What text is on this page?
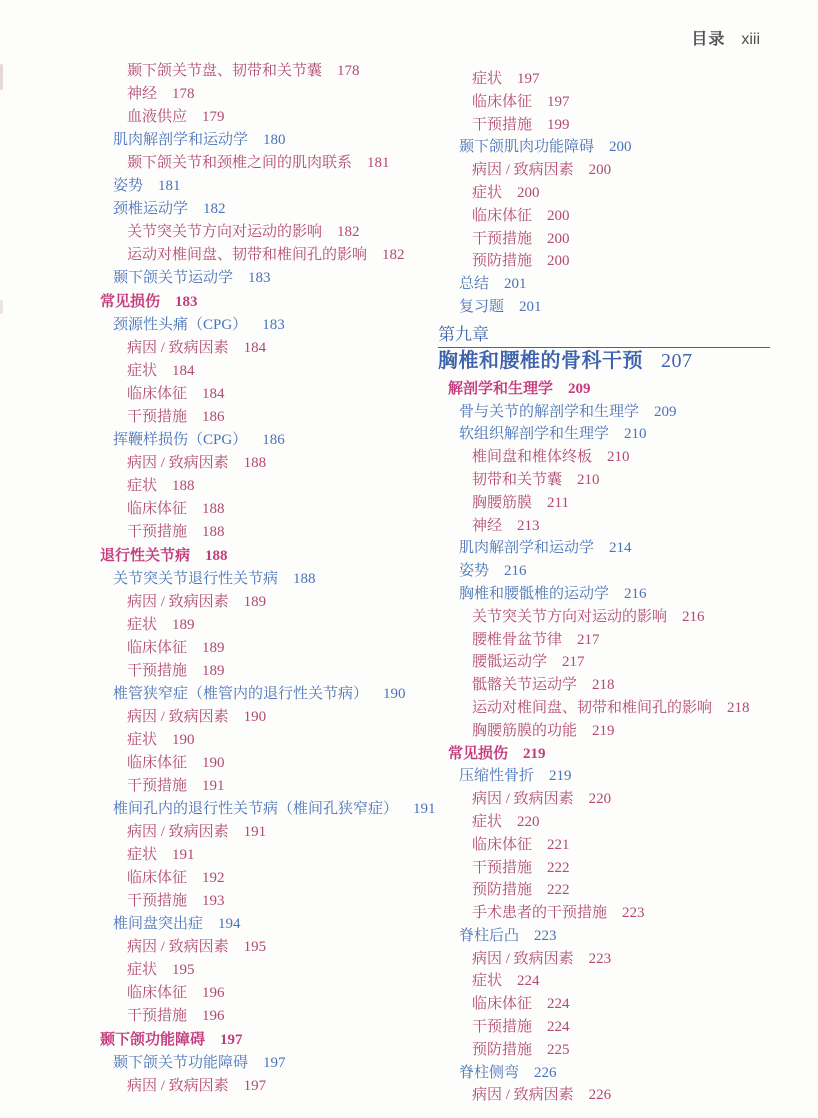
目录 xiii
颞下颌关节盘、韧带和关节囊 178
神经 178
血液供应 179
肌肉解剖学和运动学 180
颞下颌关节和颈椎之间的肌肉联系 181
姿势 181
颈椎运动学 182
关节突关节方向对运动的影响 182
运动对椎间盘、韧带和椎间孔的影响 182
颞下颌关节运动学 183
常见损伤 183
颈源性头痛（CPG） 183
病因 / 致病因素 184
症状 184
临床体征 184
干预措施 186
挥鞭样损伤（CPG） 186
病因 / 致病因素 188
症状 188
临床体征 188
干预措施 188
退行性关节病 188
关节突关节退行性关节病 188
病因 / 致病因素 189
症状 189
临床体征 189
干预措施 189
椎管狭窄症（椎管内的退行性关节病） 190
病因 / 致病因素 190
症状 190
临床体征 190
干预措施 191
椎间孔内的退行性关节病（椎间孔狭窄症） 191
病因 / 致病因素 191
症状 191
临床体征 192
干预措施 193
椎间盘突出症 194
病因 / 致病因素 195
症状 195
临床体征 196
干预措施 196
颞下颌功能障碍 197
颞下颌关节功能障碍 197
病因 / 致病因素 197
症状 197
临床体征 197
干预措施 199
颞下颌肌肉功能障碍 200
病因 / 致病因素 200
症状 200
临床体征 200
干预措施 200
预防措施 200
总结 201
复习题 201
第九章
胸椎和腰椎的骨科干预 207
解剖学和生理学 209
骨与关节的解剖学和生理学 209
软组织解剖学和生理学 210
椎间盘和椎体终板 210
韧带和关节囊 210
胸腰筋膜 211
神经 213
肌肉解剖学和运动学 214
姿势 216
胸椎和腰骶椎的运动学 216
关节突关节方向对运动的影响 216
腰椎骨盆节律 217
腰骶运动学 217
骶髂关节运动学 218
运动对椎间盘、韧带和椎间孔的影响 218
胸腰筋膜的功能 219
常见损伤 219
压缩性骨折 219
病因 / 致病因素 220
症状 220
临床体征 221
干预措施 222
预防措施 222
手术患者的干预措施 223
脊柱后凸 223
病因 / 致病因素 223
症状 224
临床体征 224
干预措施 224
预防措施 225
脊柱侧弯 226
病因 / 致病因素 226
